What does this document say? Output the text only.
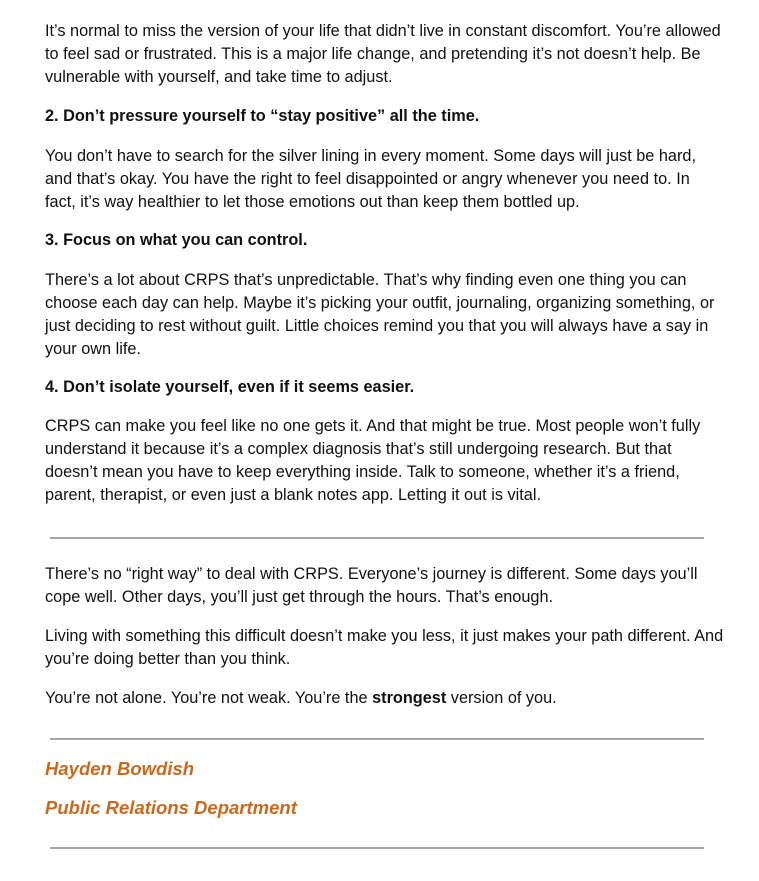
It’s normal to miss the version of your life that didn’t live in constant discomfort. You’re allowed to feel sad or frustrated. This is a major life change, and pretending it’s not doesn’t help. Be vulnerable with yourself, and take time to adjust.

2. Don’t pressure yourself to “stay positive” all the time.

You don’t have to search for the silver lining in every moment. Some days will just be hard, and that’s okay. You have the right to feel disappointed or angry whenever you need to. In fact, it’s way healthier to let those emotions out than keep them bottled up.

3. Focus on what you can control.

There’s a lot about CRPS that’s unpredictable. That’s why finding even one thing you can choose each day can help. Maybe it’s picking your outfit, journaling, organizing something, or just deciding to rest without guilt. Little choices remind you that you will always have a say in your own life.

4. Don’t isolate yourself, even if it seems easier.

CRPS can make you feel like no one gets it. And that might be true. Most people won’t fully understand it because it’s a complex diagnosis that’s still undergoing research. But that doesn’t mean you have to keep everything inside. Talk to someone, whether it’s a friend, parent, therapist, or even just a blank notes app. Letting it out is vital.

There’s no “right way” to deal with CRPS. Everyone’s journey is different. Some days you’ll cope well. Other days, you’ll just get through the hours. That’s enough.

Living with something this difficult doesn’t make you less, it just makes your path different. And you’re doing better than you think.

You’re not alone. You’re not weak. You’re the strongest version of you.

Hayden Bowdish

Public Relations Department
